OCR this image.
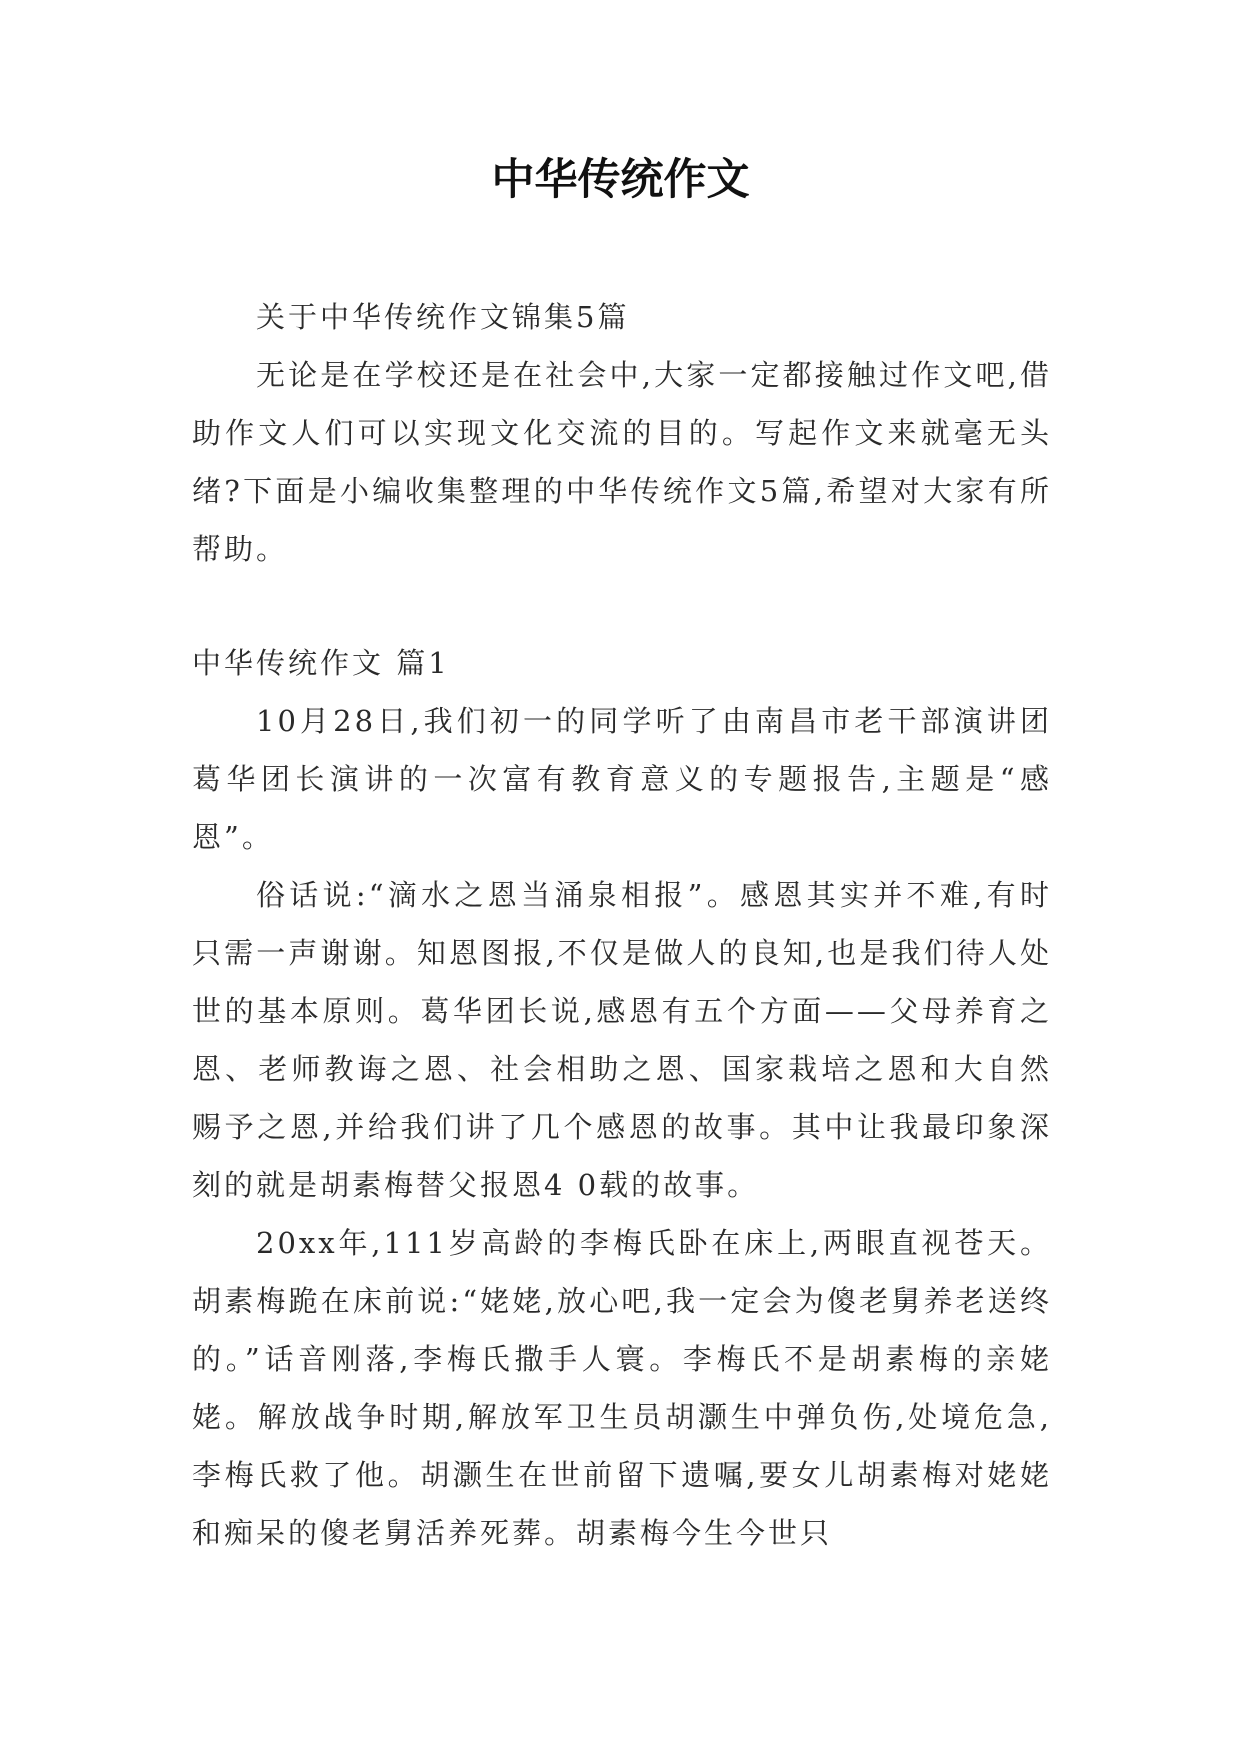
中华传统作文

关于中华传统作文锦集5篇

无论是在学校还是在社会中,大家一定都接触过作文吧,借助作文人们可以实现文化交流的目的。写起作文来就毫无头绪?下面是小编收集整理的中华传统作文5篇,希望对大家有所帮助。

中华传统作文 篇1

10月28日,我们初一的同学听了由南昌市老干部演讲团葛华团长演讲的一次富有教育意义的专题报告,主题是“感恩”。

俗话说:“滴水之恩当涌泉相报”。感恩其实并不难,有时只需一声谢谢。知恩图报,不仅是做人的良知,也是我们待人处世的基本原则。葛华团长说,感恩有五个方面——父母养育之恩、老师教诲之恩、社会相助之恩、国家栽培之恩和大自然赐予之恩,并给我们讲了几个感恩的故事。其中让我最印象深刻的就是胡素梅替父报恩4 0载的故事。

20xx年,111岁高龄的李梅氏卧在床上,两眼直视苍天。胡素梅跪在床前说:“姥姥,放心吧,我一定会为傻老舅养老送终的。”话音刚落,李梅氏撒手人寰。李梅氏不是胡素梅的亲姥姥。解放战争时期,解放军卫生员胡灏生中弹负伤,处境危急,李梅氏救了他。胡灏生在世前留下遗嘱,要女儿胡素梅对姥姥和痴呆的傻老舅活养死葬。胡素梅今生今世只
